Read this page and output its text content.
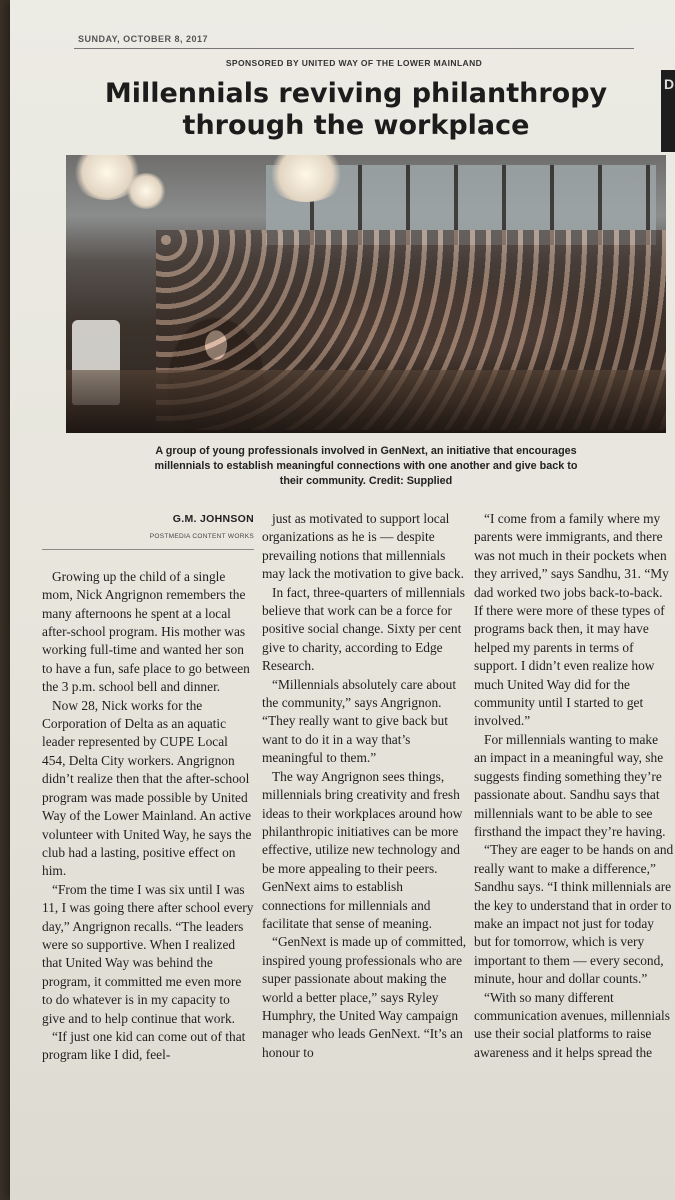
SUNDAY, OCTOBER 8, 2017
SPONSORED BY UNITED WAY OF THE LOWER MAINLAND
Millennials reviving philanthropy
through the workplace
A group of young professionals involved in GenNext, an initiative that encourages
millennials to establish meaningful connections with one another and give back to
their community. Credit: Supplied
G.M. JOHNSON
POSTMEDIA CONTENT WORKS

Growing up the child of a single mom, Nick Angrignon remembers the many afternoons he spent at a local after-school program. His mother was working full-time and wanted her son to have a fun, safe place to go between the 3 p.m. school bell and dinner.

Now 28, Nick works for the Corporation of Delta as an aquatic leader represented by CUPE Local 454, Delta City workers. Angrignon didn’t realize then that the after-school program was made possible by United Way of the Lower Mainland. An active volunteer with United Way, he says the club had a lasting, positive effect on him.

“From the time I was six until I was 11, I was going there after school every day,” Angrignon recalls. “The leaders were so supportive. When I realized that United Way was behind the program, it committed me even more to do whatever is in my capacity to give and to help continue that work.

“If just one kid can come out of that program like I did, feel-

just as motivated to support local organizations as he is — despite prevailing notions that millennials may lack the motivation to give back.

In fact, three-quarters of millennials believe that work can be a force for positive social change. Sixty per cent give to charity, according to Edge Research.

“Millennials absolutely care about the community,” says Angrignon. “They really want to give back but want to do it in a way that’s meaningful to them.”

The way Angrignon sees things, millennials bring creativity and fresh ideas to their workplaces around how philanthropic initiatives can be more effective, utilize new technology and be more appealing to their peers. GenNext aims to establish connections for millennials and facilitate that sense of meaning.

“GenNext is made up of committed, inspired young professionals who are super passionate about making the world a better place,” says Ryley Humphry, the United Way campaign manager who leads GenNext. “It’s an honour to

“I come from a family where my parents were immigrants, and there was not much in their pockets when they arrived,” says Sandhu, 31. “My dad worked two jobs back-to-back. If there were more of these types of programs back then, it may have helped my parents in terms of support. I didn’t even realize how much United Way did for the community until I started to get involved.”

For millennials wanting to make an impact in a meaningful way, she suggests finding something they’re passionate about. Sandhu says that millennials want to be able to see firsthand the impact they’re having.

“They are eager to be hands on and really want to make a difference,” Sandhu says. “I think millennials are the key to understand that in order to make an impact not just for today but for tomorrow, which is very important to them — every second, minute, hour and dollar counts.”

“With so many different communication avenues, millennials use their social platforms to raise awareness and it helps spread the

D
